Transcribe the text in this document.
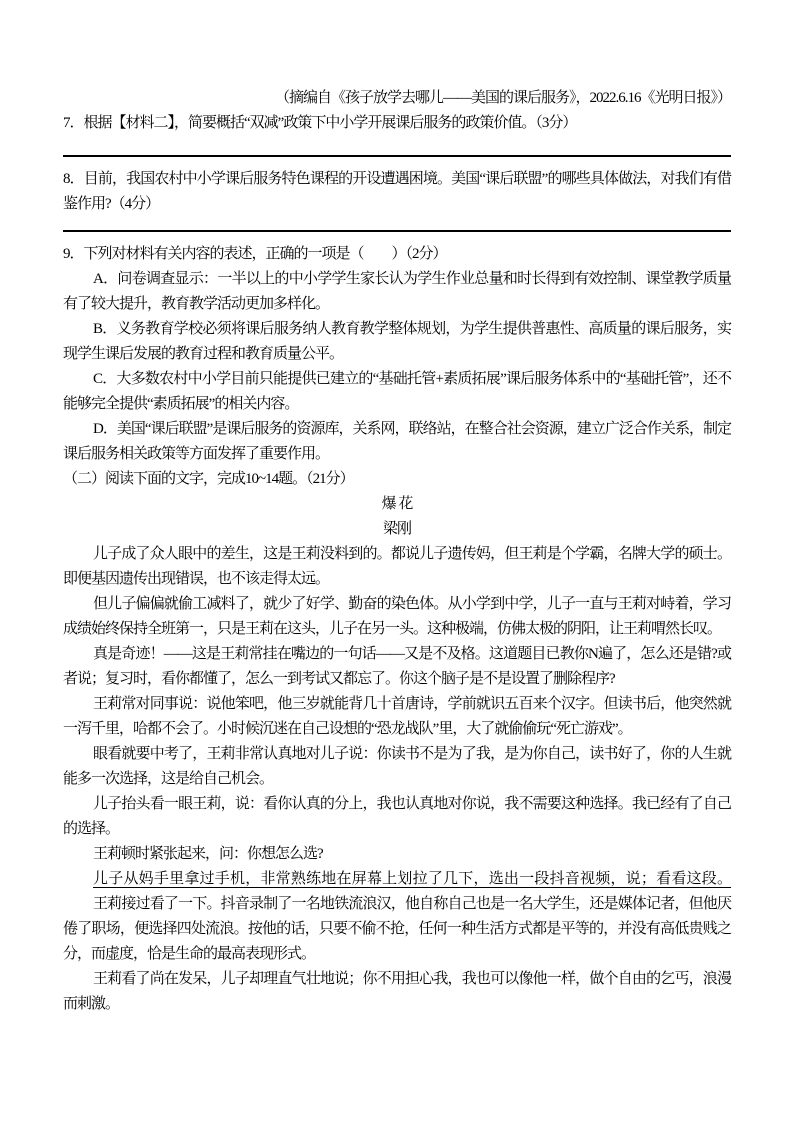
（摘编自《孩子放学去哪儿——美国的课后服务》，2022.6.16《光明日报》）

7．根据【材料二】，简要概括“双减”政策下中小学开展课后服务的政策价值。（3分）

8．目前，我国农村中小学课后服务特色课程的开设遭遇困境。美国“课后联盟”的哪些具体做法，对我们有借鉴作用?（4分）

9．下列对材料有关内容的表述，正确的一项是（　　）（2分）

A．问卷调查显示：一半以上的中小学学生家长认为学生作业总量和时长得到有效控制、课堂教学质量有了较大提升，教育教学活动更加多样化。

B．义务教育学校必须将课后服务纳人教育教学整体规划，为学生提供普惠性、高质量的课后服务，实现学生课后发展的教育过程和教育质量公平。

C．大多数农村中小学目前只能提供已建立的“基础托管+素质拓展”课后服务体系中的“基础托管”，还不能够完全提供“素质拓展”的相关内容。

D．美国“课后联盟”是课后服务的资源库，关系网，联络站，在整合社会资源，建立广泛合作关系，制定课后服务相关政策等方面发挥了重要作用。

（二）阅读下面的文字，完成10~14题。（21分）

爆 花

梁刚

儿子成了众人眼中的差生，这是王莉没料到的。都说儿子遗传妈，但王莉是个学霸，名牌大学的硕士。即便基因遗传出现错误，也不该走得太远。

但儿子偏偏就偷工减料了，就少了好学、勤奋的染色体。从小学到中学，儿子一直与王莉对峙着，学习成绩始终保持全班第一，只是王莉在这头，儿子在另一头。这种极端，仿佛太极的阴阳，让王莉喟然长叹。

真是奇迹！——这是王莉常挂在嘴边的一句话——又是不及格。这道题目已教你N遍了，怎么还是错?或者说；复习时，看你都懂了，怎么一到考试又都忘了。你这个脑子是不是设置了删除程序?

王莉常对同事说：说他笨吧，他三岁就能背几十首唐诗，学前就识五百来个汉字。但读书后，他突然就一泻千里，哈都不会了。小时候沉迷在自己设想的“恐龙战队”里，大了就偷偷玩“死亡游戏”。

眼看就要中考了，王莉非常认真地对儿子说：你读书不是为了我，是为你自己，读书好了，你的人生就能多一次选择，这是给自己机会。

儿子抬头看一眼王莉，说：看你认真的分上，我也认真地对你说，我不需要这种选择。我已经有了自己的选择。

王莉顿时紧张起来，问：你想怎么选?

儿子从妈手里拿过手机，非常熟练地在屏幕上划拉了几下，选出一段抖音视频，说；看看这段。

王莉接过看了一下。抖音录制了一名地铁流浪汉，他自称自己也是一名大学生，还是媒体记者，但他厌倦了职场，便选择四处流浪。按他的话，只要不偷不抢，任何一种生活方式都是平等的，并没有高低贵贱之分，而虚度，恰是生命的最高表现形式。

王莉看了尚在发呆，儿子却理直气壮地说；你不用担心我，我也可以像他一样，做个自由的乞丐，浪漫而刺激。
